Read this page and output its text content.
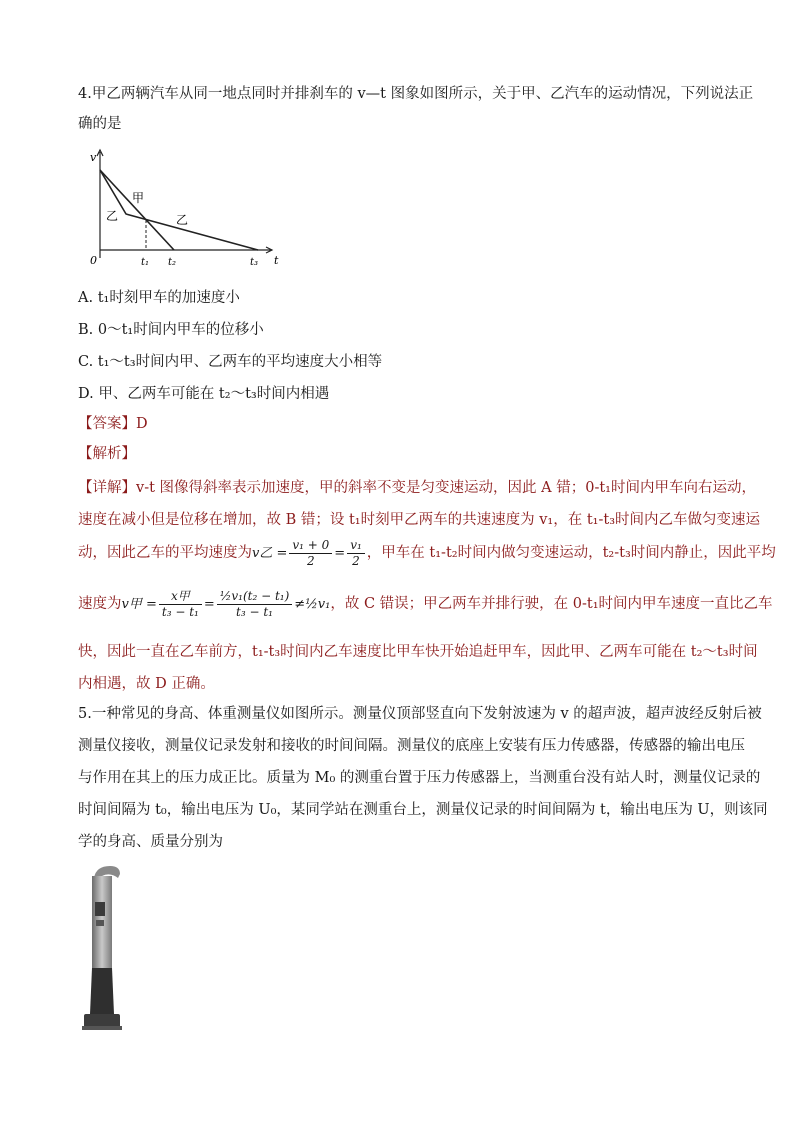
4.甲乙两辆汽车从同一地点同时并排刹车的 v—t 图象如图所示，关于甲、乙汽车的运动情况，下列说法正
确的是
v
t
0
甲
乙	乙
t₁ t₂	t₃
A. t₁时刻甲车的加速度小
B. 0～t₁时间内甲车的位移小
C. t₁～t₃时间内甲、乙两车的平均速度大小相等
D. 甲、乙两车可能在 t₂～t₃时间内相遇
【答案】D
【解析】
【详解】v-t 图像得斜率表示加速度，甲的斜率不变是匀变速运动，因此 A 错；0-t₁时间内甲车向右运动，
速度在减小但是位移在增加，故 B 错；设 t₁时刻甲乙两车的共速速度为 v₁，在 t₁-t₃时间内乙车做匀变速运
动，因此乙车的平均速度为v乙 = $\frac{\text{v₁ + 0}}{2} = \frac{\text{v₁}}{2}$ ，甲车在 t₁-t₂时间内做匀变速运动，t₂-t₃时间内静止，因此平均
速度为v甲 = $\frac{\text{x甲}}{\text{t₃ − t₁}} = \frac{\text{½v₁(t₂ − t₁)}}{\text{t₃ − t₁}}$ ≠½v₁，故 C 错误；甲乙两车并排行驶，在 0-t₁时间内甲车速度一直比乙车
快，因此一直在乙车前方，t₁-t₃时间内乙车速度比甲车快开始追赶甲车，因此甲、乙两车可能在 t₂～t₃时间
内相遇，故 D 正确。
5.一种常见的身高、体重测量仪如图所示。测量仪顶部竖直向下发射波速为 v 的超声波，超声波经反射后被
测量仪接收，测量仪记录发射和接收的时间间隔。测量仪的底座上安装有压力传感器，传感器的输出电压
与作用在其上的压力成正比。质量为 M₀ 的测重台置于压力传感器上，当测重台没有站人时，测量仪记录的
时间间隔为 t₀，输出电压为 U₀，某同学站在测重台上，测量仪记录的时间间隔为 t，输出电压为 U，则该同
学的身高、质量分别为
